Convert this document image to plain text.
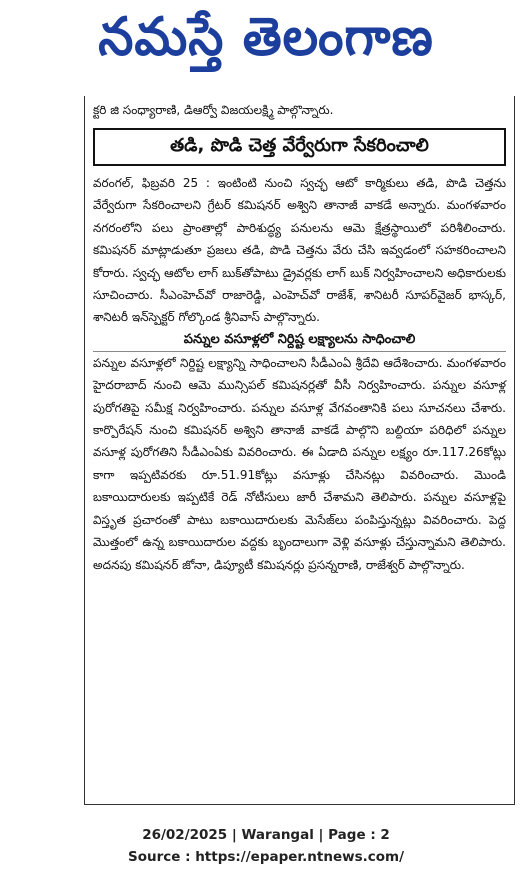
నమస్తే తెలంగాణ
క్టరి జి సంధ్యారాణి, డిఆర్వో విజయలక్ష్మి పాల్గొన్నారు.
తడి, పొడి చెత్త వేర్వేరుగా సేకరించాలి

వరంగల్, ఫిబ్రవరి 25 : ఇంటింటి నుంచి స్వచ్ఛ ఆటో కార్మికులు తడి, పొడి చెత్తను వేర్వేరుగా సేకరించాలని గ్రేటర్ కమిషనర్ అశ్విని తానాజీ వాకడే అన్నారు. మంగళవారం నగరంలోని పలు ప్రాంతాల్లో పారిశుద్ధ్య పనులను ఆమె క్షేత్రస్థాయిలో పరిశీలించారు. కమిషనర్ మాట్లాడుతూ ప్రజలు తడి, పొడి చెత్తను వేరు చేసి ఇవ్వడంలో సహకరించాలని కోరారు. స్వచ్ఛ ఆటోల లాగ్ బుక్‌తోపాటు డ్రైవర్లకు లాగ్ బుక్ నిర్వహించాలని అధికారులకు సూచించారు. సీఎంహెచ్‌వో రాజారెడ్డి, ఎంహెచ్‌వో రాజేశ్, శానిటరీ సూపర్‌వైజర్ భాస్కర్, శానిటరీ ఇన్‌స్పెక్టర్ గోల్కొండ శ్రీనివాస్ పాల్గొన్నారు.

పన్నుల వసూళ్లలో నిర్దిష్ట లక్ష్యాలను సాధించాలి

పన్నుల వసూళ్లలో నిర్దిష్ట లక్ష్యాన్ని సాధించాలని సీడీఎంఏ శ్రీదేవి ఆదేశించారు. మంగళవారం హైదరాబాద్ నుంచి ఆమె మున్సిపల్ కమిషనర్లతో వీసీ నిర్వహించారు. పన్నుల వసూళ్ల పురోగతిపై సమీక్ష నిర్వహించారు. పన్నుల వసూళ్ల వేగవంతానికి పలు సూచనలు చేశారు. కార్పొరేషన్ నుంచి కమిషనర్ అశ్విని తానాజీ వాకడే పాల్గొని బల్దియా పరిధిలో పన్నుల వసూళ్ల పురోగతిని సీడీఎంఏకు వివరించారు. ఈ ఏడాది పన్నుల లక్ష్యం రూ.117.26కోట్లు కాగా ఇప్పటివరకు రూ.51.91కోట్లు వసూళ్లు చేసినట్లు వివరించారు. మొండి బకాయిదారులకు ఇప్పటికే రెడ్ నోటీసులు జారీ చేశామని తెలిపారు. పన్నుల వసూళ్లపై విస్తృత ప్రచారంతో పాటు బకాయిదారులకు మెసేజ్‌లు పంపిస్తున్నట్లు వివరించారు. పెద్ద మొత్తంలో ఉన్న బకాయిదారుల వద్దకు బృందాలుగా వెళ్లి వసూళ్లు చేస్తున్నామని తెలిపారు. అదనపు కమిషనర్ జోనా, డిప్యూటీ కమిషనర్లు ప్రసన్నరాణి, రాజేశ్వర్ పాల్గొన్నారు.

26/02/2025 | Warangal | Page : 2
Source : https://epaper.ntnews.com/
